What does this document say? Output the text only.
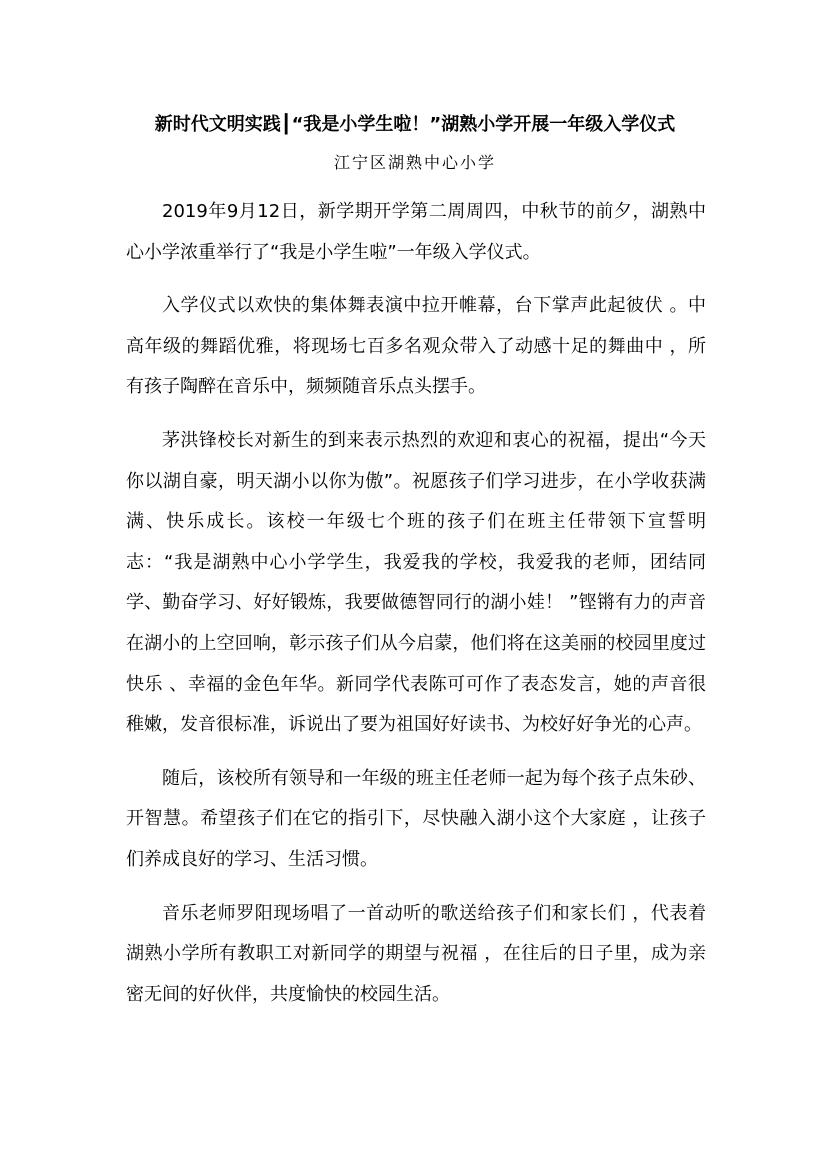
新时代文明实践┃“我是小学生啦！”湖熟小学开展一年级入学仪式
江宁区湖熟中心小学

2019年9月12日，新学期开学第二周周四，中秋节的前夕，湖熟中心小学浓重举行了“我是小学生啦”一年级入学仪式。

入学仪式以欢快的集体舞表演中拉开帷幕，台下掌声此起彼伏 。中高年级的舞蹈优雅，将现场七百多名观众带入了动感十足的舞曲中 ，所有孩子陶醉在音乐中，频频随音乐点头摆手。

茅洪锋校长对新生的到来表示热烈的欢迎和衷心的祝福，提出“今天你以湖自豪，明天湖小以你为傲”。祝愿孩子们学习进步，在小学收获满满、快乐成长。该校一年级七个班的孩子们在班主任带领下宣誓明志：“我是湖熟中心小学学生，我爱我的学校，我爱我的老师，团结同学、勤奋学习、好好锻炼，我要做德智同行的湖小娃！ ”铿锵有力的声音在湖小的上空回响，彰示孩子们从今启蒙，他们将在这美丽的校园里度过快乐 、幸福的金色年华。新同学代表陈可可作了表态发言，她的声音很稚嫩，发音很标准，诉说出了要为祖国好好读书、为校好好争光的心声。

随后，该校所有领导和一年级的班主任老师一起为每个孩子点朱砂、开智慧。希望孩子们在它的指引下，尽快融入湖小这个大家庭 ，让孩子们养成良好的学习、生活习惯。

音乐老师罗阳现场唱了一首动听的歌送给孩子们和家长们 ，代表着湖熟小学所有教职工对新同学的期望与祝福 ，在往后的日子里，成为亲密无间的好伙伴，共度愉快的校园生活。
